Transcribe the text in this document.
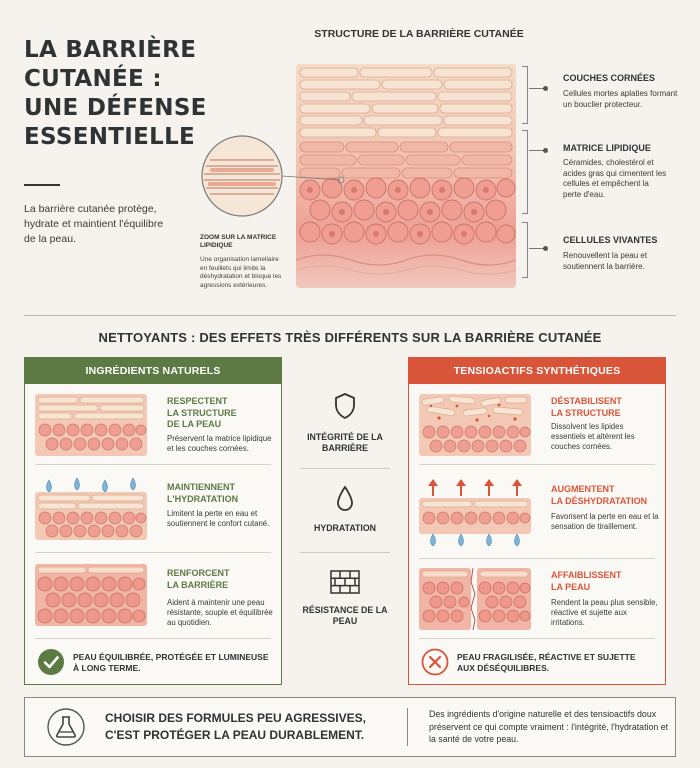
LA BARRIÈRE
CUTANÉE :
UNE DÉFENSE
ESSENTIELLE
La barrière cutanée protège, hydrate et maintient l'équilibre de la peau.
STRUCTURE DE LA BARRIÈRE CUTANÉE
ZOOM SUR LA MATRICE LIPIDIQUE
Une organisation lamellaire en feuillets qui limite la déshydratation et bloque les agressions extérieures.
COUCHES CORNÉES
Cellules mortes aplaties formant un bouclier protecteur.
MATRICE LIPIDIQUE
Céramides, cholestérol et acides gras qui cimentent les cellules et empêchent la perte d'eau.
CELLULES VIVANTES
Renouvellent la peau et soutiennent la barrière.
NETTOYANTS : DES EFFETS TRÈS DIFFÉRENTS SUR LA BARRIÈRE CUTANÉE
INGRÉDIENTS NATURELS
RESPECTENT
LA STRUCTURE
DE LA PEAU
Préservent la matrice lipidique et les couches cornées.
MAINTIENNENT
L'HYDRATATION
Limitent la perte en eau et soutiennent le confort cutané.
RENFORCENT
LA BARRIÈRE
Aident à maintenir une peau résistante, souple et équilibrée au quotidien.
PEAU ÉQUILIBRÉE, PROTÉGÉE ET LUMINEUSE À LONG TERME.
INTÉGRITÉ DE LA BARRIÈRE
HYDRATATION
RÉSISTANCE DE LA PEAU
TENSIOACTIFS SYNTHÉTIQUES
DÉSTABILISENT
LA STRUCTURE
Dissolvent les lipides essentiels et altèrent les couches cornées.
AUGMENTENT
LA DÉSHYDRATATION
Favorisent la perte en eau et la sensation de tiraillement.
AFFAIBLISSENT
LA PEAU
Rendent la peau plus sensible, réactive et sujette aux irritations.
PEAU FRAGILISÉE, RÉACTIVE ET SUJETTE AUX DÉSÉQUILIBRES.
CHOISIR DES FORMULES PEU AGRESSIVES, C'EST PROTÉGER LA PEAU DURABLEMENT.
Des ingrédients d'origine naturelle et des tensioactifs doux préservent ce qui compte vraiment : l'intégrité, l'hydratation et la santé de votre peau.
